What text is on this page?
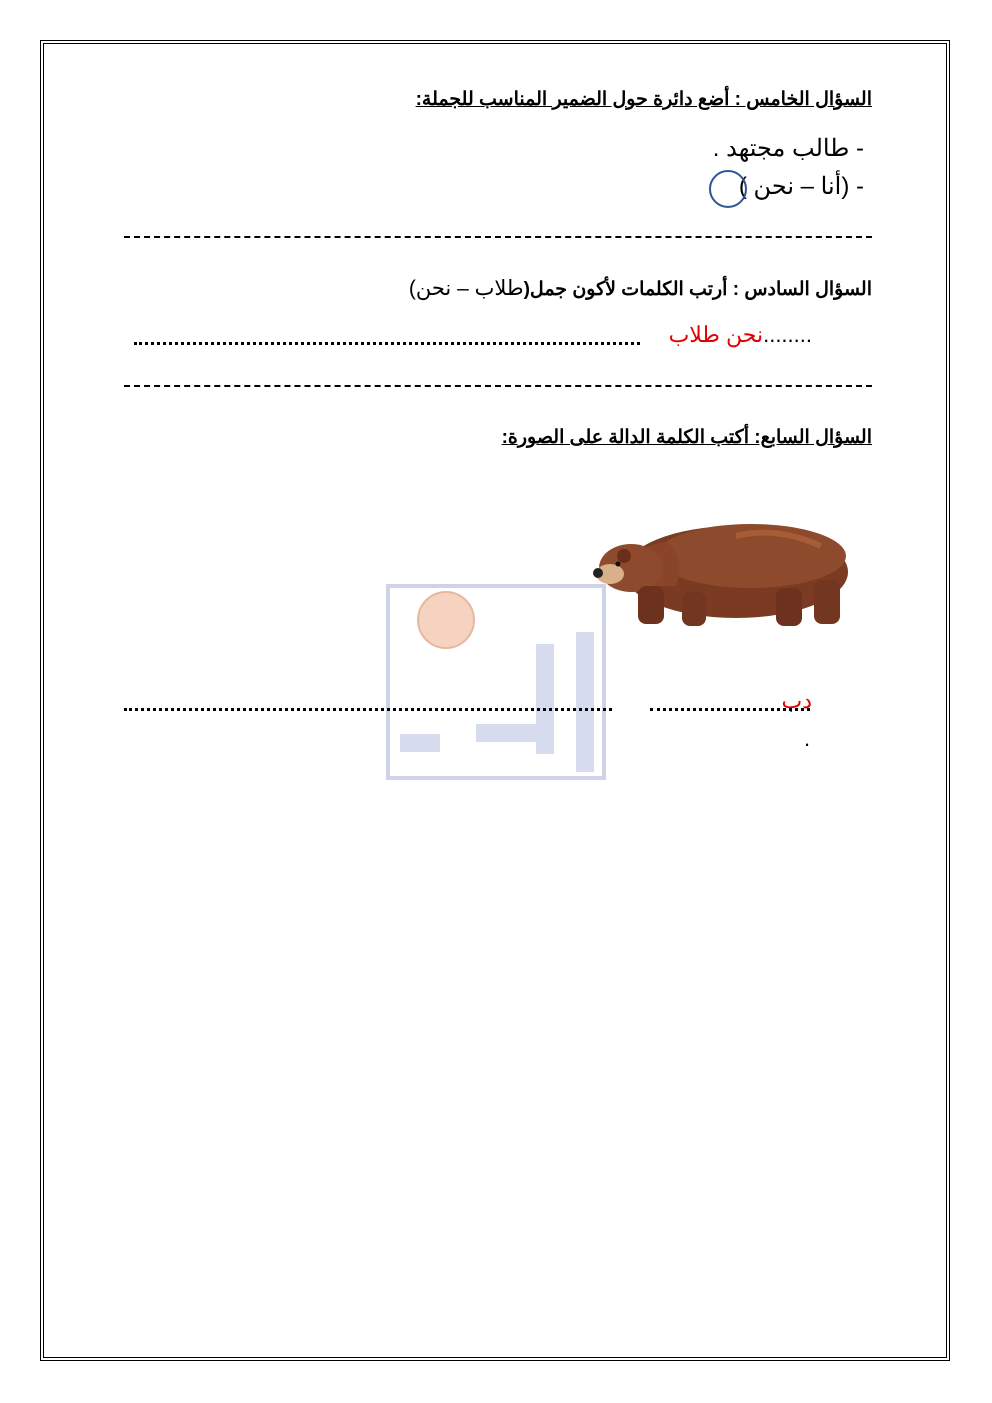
السؤال الخامس : أضع دائرة حول الضمير المناسب للجملة:
- طالب مجتهد .
- (أنا – نحن )
السؤال السادس : أرتب الكلمات لأكون جمل(طلاب – نحن)
........نحن طلاب
السؤال السابع: أكتب الكلمة الدالة على الصورة:
دب
.
